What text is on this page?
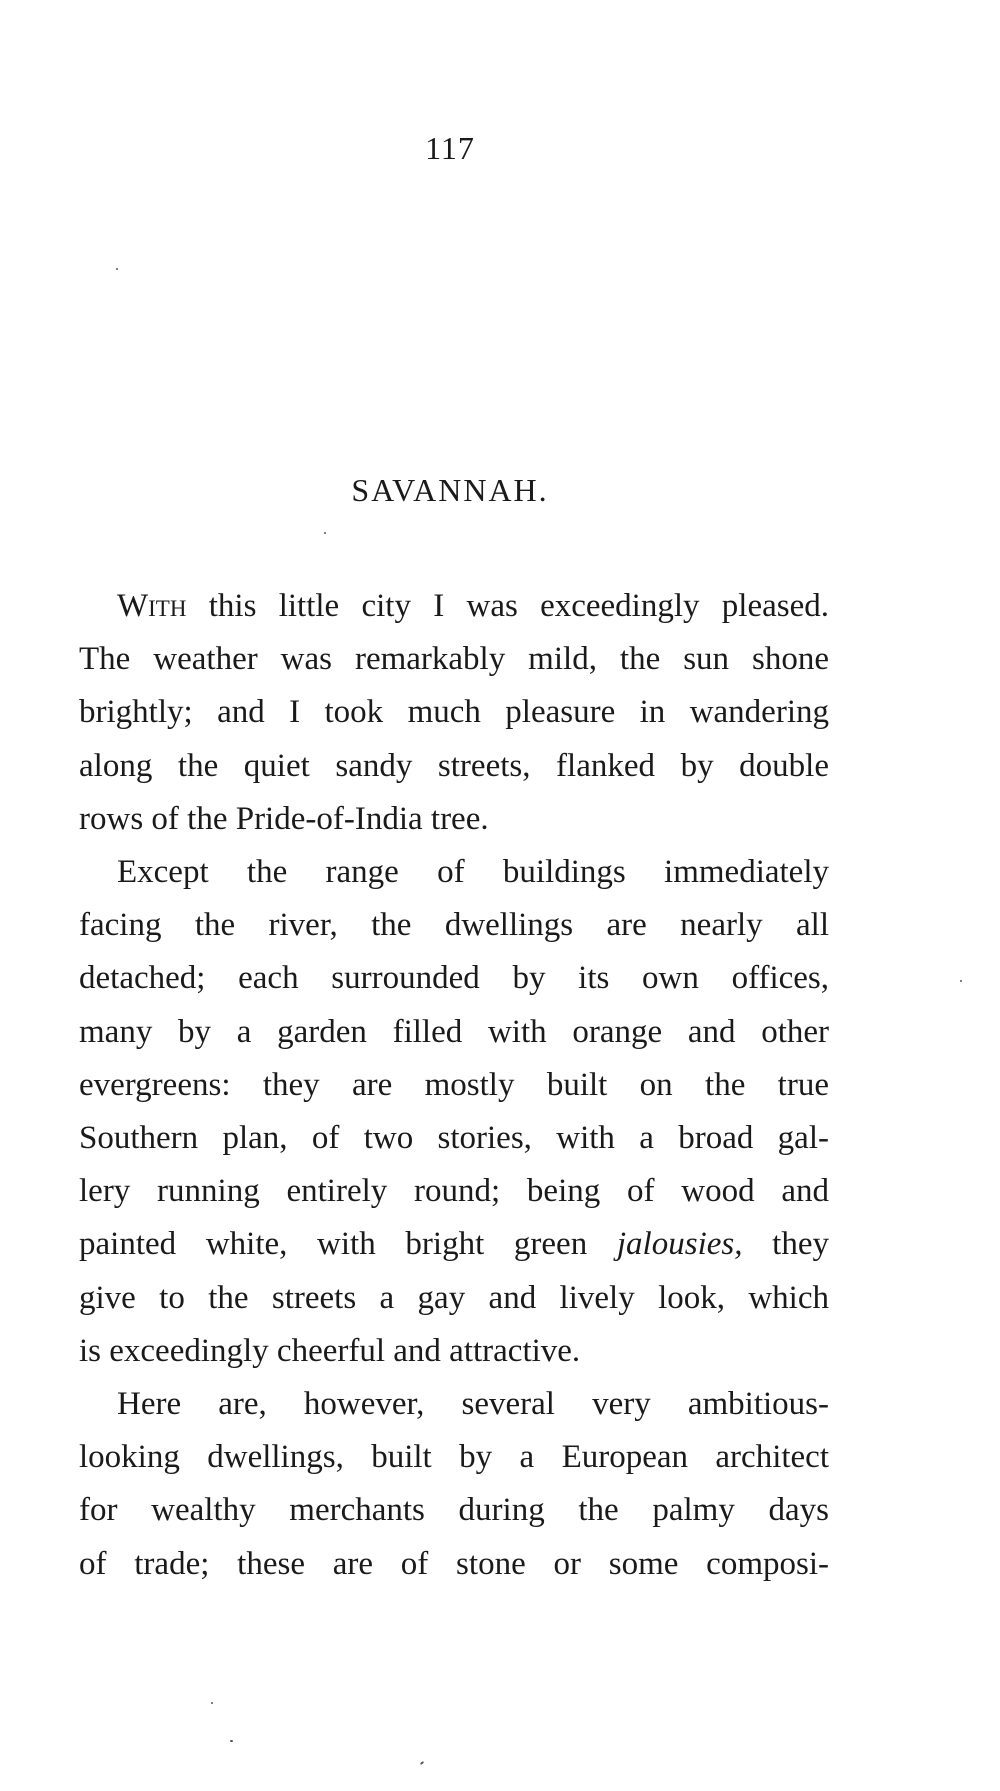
117
SAVANNAH.

With this little city I was exceedingly pleased.
The weather was remarkably mild, the sun shone
brightly; and I took much pleasure in wandering
along the quiet sandy streets, flanked by double
rows of the Pride-of-India tree.

Except the range of buildings immediately
facing the river, the dwellings are nearly all
detached; each surrounded by its own offices,
many by a garden filled with orange and other
evergreens: they are mostly built on the true
Southern plan, of two stories, with a broad gal-
lery running entirely round; being of wood and
painted white, with bright green jalousies, they
give to the streets a gay and lively look, which
is exceedingly cheerful and attractive.

Here are, however, several very ambitious-
looking dwellings, built by a European architect
for wealthy merchants during the palmy days
of trade; these are of stone or some composi-
